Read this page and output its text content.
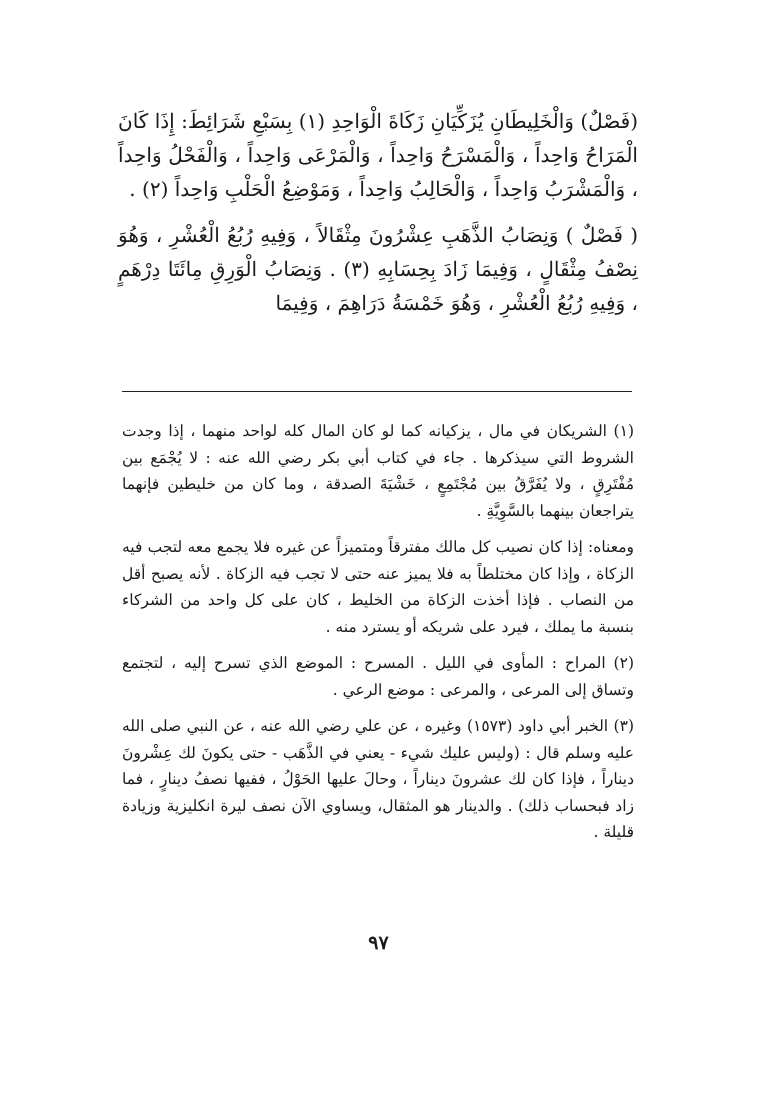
(فَصْلٌ) وَالْخَلِيطَانِ يُزَكِّيَانِ زَكَاةَ الْوَاحِدِ (١) بِسَبْعِ شَرَائِطَ: إِذَا كَانَ الْمَرَاحُ وَاحِداً ، وَالْمَسْرَحُ وَاحِداً ، وَالْمَرْعَى وَاحِداً ، وَالْفَحْلُ وَاحِداً ، وَالْمَشْرَبُ وَاحِداً ، وَالْحَالِبُ وَاحِداً ، وَمَوْضِعُ الْحَلْبِ وَاحِداً (٢) .

( فَصْلٌ ) وَنِصَابُ الذَّهَبِ عِشْرُونَ مِثْقَالاً ، وَفِيهِ رُبُعُ الْعُشْرِ ، وَهُوَ نِصْفُ مِثْقَالٍ ، وَفِيمَا زَادَ بِحِسَابِهِ (٣) . وَنِصَابُ الْوَرِقِ مِائَتَا دِرْهَمٍ ، وَفِيهِ رُبُعُ الْعُشْرِ ، وَهُوَ خَمْسَةُ دَرَاهِمَ ، وَفِيمَا

(١) الشريكان في مال ، يزكيانه كما لو كان المال كله لواحد منهما ، إذا وجدت الشروط التي سيذكرها . جاء في كتاب أبي بكر رضي الله عنه : لا يُجْمَع بين مُفْتَرِقٍ ، ولا يُفَرَّقُ بين مُجْتَمِعٍ ، خَشْيَةَ الصدقة ، وما كان من خليطين فإنهما يتراجعان بينهما بالسَّوِيَّةِ .

ومعناه: إذا كان نصيب كل مالك مفترقاً ومتميزاً عن غيره فلا يجمع معه لتجب فيه الزكاة ، وإذا كان مختلطاً به فلا يميز عنه حتى لا تجب فيه الزكاة . لأنه يصبح أقل من النصاب . فإذا أخذت الزكاة من الخليط ، كان على كل واحد من الشركاء بنسبة ما يملك ، فيرد على شريكه أو يسترد منه .

(٢) المراح : المأوى في الليل . المسرح : الموضع الذي تسرح إليه ، لتجتمع وتساق إلى المرعى ، والمرعى : موضع الرعي .

(٣) الخبر أبي داود (١٥٧٣) وغيره ، عن علي رضي الله عنه ، عن النبي صلى الله عليه وسلم قال : (وليس عليك شيء - يعني في الذَّهَب - حتى يكونَ لك عِشْرونَ ديناراً ، فإذا كان لك عشرونَ ديناراً ، وحالَ عليها الحَوْلُ ، ففيها نصفُ دينارٍ ، فما زاد فبحساب ذلك) . والدينار هو المثقال، ويساوي الآن نصف ليرة انكليزية وزيادة قليلة .

٩٧
